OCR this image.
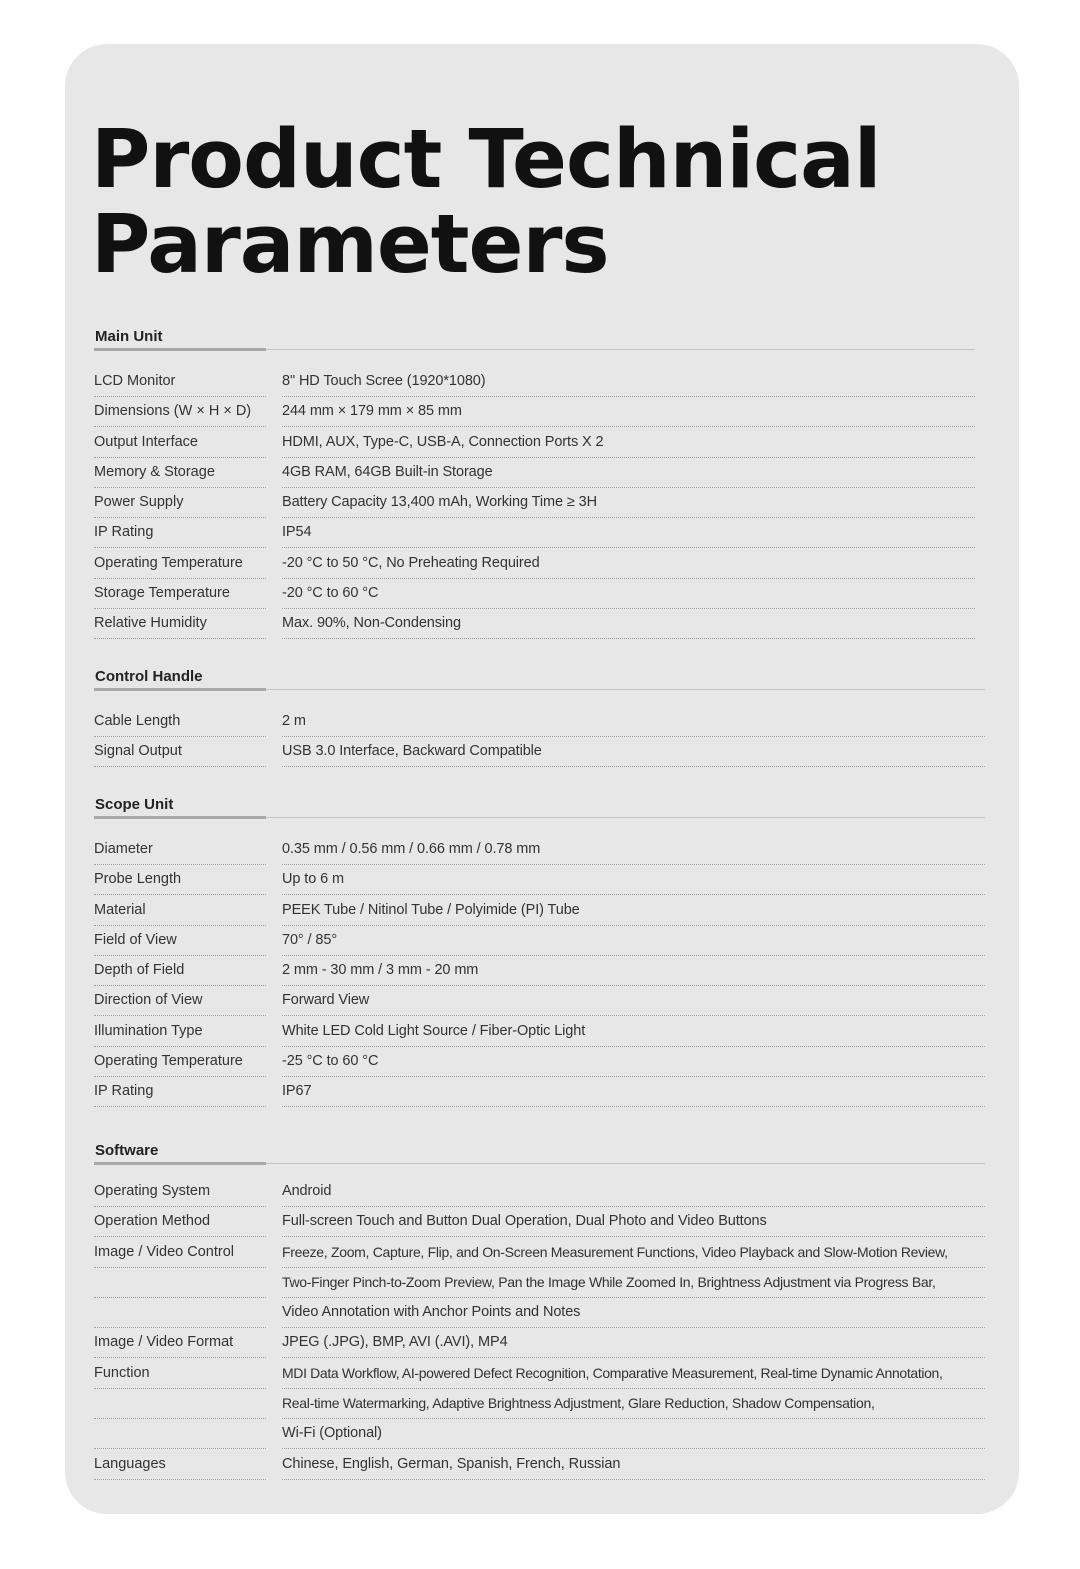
Product Technical
Parameters
Main Unit
LCD Monitor	8" HD Touch Scree (1920*1080)
Dimensions (W × H × D)	244 mm × 179 mm × 85 mm
Output Interface	HDMI, AUX, Type-C, USB-A, Connection Ports X 2
Memory & Storage	4GB RAM, 64GB Built-in Storage
Power Supply	Battery Capacity 13,400 mAh, Working Time ≥ 3H
IP Rating	IP54
Operating Temperature	-20 °C to 50 °C, No Preheating Required
Storage Temperature	-20 °C to 60 °C
Relative Humidity	Max. 90%, Non-Condensing
Control Handle
Cable Length	2 m
Signal Output	USB 3.0 Interface, Backward Compatible
Scope Unit
Diameter	0.35 mm / 0.56 mm / 0.66 mm / 0.78 mm
Probe Length	Up to 6 m
Material	PEEK Tube / Nitinol Tube / Polyimide (PI) Tube
Field of View	70° / 85°
Depth of Field	2 mm - 30 mm / 3 mm - 20 mm
Direction of View	Forward View
Illumination Type	White LED Cold Light Source / Fiber-Optic Light
Operating Temperature	-25 °C to 60 °C
IP Rating	IP67
Software
Operating System	Android
Operation Method	Full-screen Touch and Button Dual Operation, Dual Photo and Video Buttons
Image / Video Control	Freeze, Zoom, Capture, Flip, and On-Screen Measurement Functions, Video Playback and Slow-Motion Review,
Two-Finger Pinch-to-Zoom Preview, Pan the Image While Zoomed In, Brightness Adjustment via Progress Bar,
Video Annotation with Anchor Points and Notes
Image / Video Format	JPEG (.JPG), BMP, AVI (.AVI), MP4
Function	MDI Data Workflow, AI-powered Defect Recognition, Comparative Measurement, Real-time Dynamic Annotation,
Real-time Watermarking, Adaptive Brightness Adjustment, Glare Reduction, Shadow Compensation,
Wi-Fi (Optional)
Languages	Chinese, English, German, Spanish, French, Russian
